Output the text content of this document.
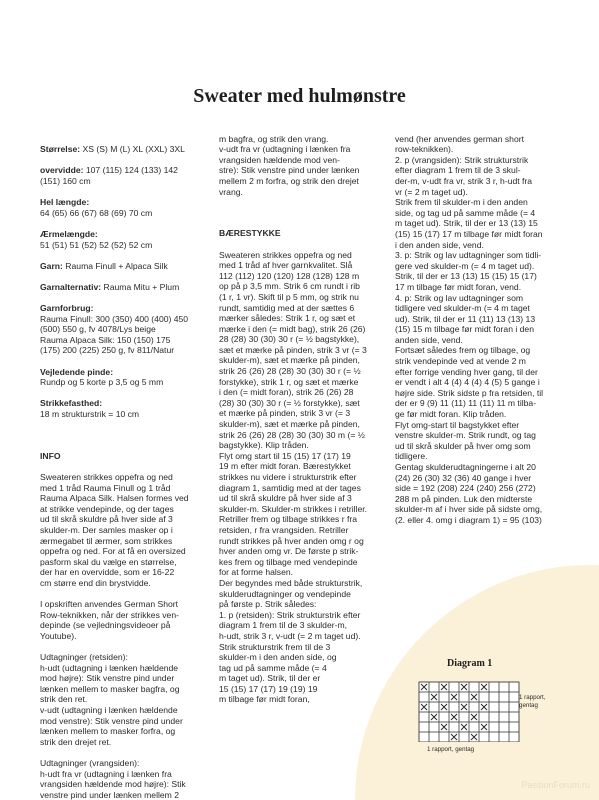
Sweater med hulmønstre

Størrelse: XS (S) M (L) XL (XXL) 3XL

overvidde: 107 (115) 124 (133) 142
(151) 160 cm

Hel længde:
64 (65) 66 (67) 68 (69) 70 cm

Ærmelængde:
51 (51) 51 (52) 52 (52) 52 cm

Garn: Rauma Finull + Alpaca Silk

Garnalternativ: Rauma Mitu + Plum

Garnforbrug:
Rauma Finull: 300 (350) 400 (400) 450
(500) 550 g, fv 4078/Lys beige
Rauma Alpaca Silk: 150 (150) 175
(175) 200 (225) 250 g, fv 811/Natur

Vejledende pinde:
Rundp og 5 korte p 3,5 og 5 mm

Strikkefasthed:
18 m strukturstrik = 10 cm

INFO

Sweateren strikkes oppefra og ned
med 1 tråd Rauma Finull og 1 tråd
Rauma Alpaca Silk. Halsen formes ved
at strikke vendepinde, og der tages
ud til skrå skuldre på hver side af 3
skulder-m. Der samles masker op i
ærmegabet til ærmer, som strikkes
oppefra og ned. For at få en oversized
pasform skal du vælge en størrelse,
der har en overvidde, som er 16-22
cm større end din brystvidde.

I opskriften anvendes German Short
Row-teknikken, når der strikkes ven-
depinde (se vejledningsvideoer på
Youtube).

Udtagninger (retsiden):
h-udt (udtagning i lænken hældende
mod højre): Stik venstre pind under
lænken mellem to masker bagfra, og
strik den ret.
v-udt (udtagning i lænken hældende
mod venstre): Stik venstre pind under
lænken mellem to masker forfra, og
strik den drejet ret.

Udtagninger (vrangsiden):
h-udt fra vr (udtagning i lænken fra
vrangsiden hældende mod højre): Stik
venstre pind under lænken mellem 2

m bagfra, og strik den vrang.
v-udt fra vr (udtagning i lænken fra
vrangsiden hældende mod ven-
stre): Stik venstre pind under lænken
mellem 2 m forfra, og strik den drejet
vrang.

BÆRESTYKKE

Sweateren strikkes oppefra og ned
med 1 tråd af hver garnkvalitet. Slå
112 (112) 120 (120) 128 (128) 128 m
op på p 3,5 mm. Strik 6 cm rundt i rib
(1 r, 1 vr). Skift til p 5 mm, og strik nu
rundt, samtidig med at der sættes 6
mærker således: Strik 1 r, og sæt et
mærke i den (= midt bag), strik 26 (26)
28 (28) 30 (30) 30 r (= ½ bagstykke),
sæt et mærke på pinden, strik 3 vr (= 3
skulder-m), sæt et mærke på pinden,
strik 26 (26) 28 (28) 30 (30) 30 r (= ½
forstykke), strik 1 r, og sæt et mærke
i den (= midt foran), strik 26 (26) 28
(28) 30 (30) 30 r (= ½ forstykke), sæt
et mærke på pinden, strik 3 vr (= 3
skulder-m), sæt et mærke på pinden,
strik 26 (26) 28 (28) 30 (30) 30 m (= ½
bagstykke). Klip tråden.
Flyt omg start til 15 (15) 17 (17) 19
19 m efter midt foran. Bærestykket
strikkes nu videre i strukturstrik efter
diagram 1, samtidig med at der tages
ud til skrå skuldre på hver side af 3
skulder-m. Skulder-m strikkes i retriller.
Retriller frem og tilbage strikkes r fra
retsiden, r fra vrangsiden. Retriller
rundt strikkes på hver anden omg r og
hver anden omg vr. De første p strik-
kes frem og tilbage med vendepinde
for at forme halsen.
Der begyndes med både strukturstrik,
skulderudtagninger og vendepinde
på første p. Strik således:
1. p (retsiden): Strik strukturstrik efter
diagram 1 frem til de 3 skulder-m,
h-udt, strik 3 r, v-udt (= 2 m taget ud).
Strik strukturstrik frem til de 3
skulder-m i den anden side, og
tag ud på samme måde (= 4
m taget ud). Strik, til der er
15 (15) 17 (17) 19 (19) 19
m tilbage før midt foran,

vend (her anvendes german short
row-teknikken).
2. p (vrangsiden): Strik strukturstrik
efter diagram 1 frem til de 3 skul-
der-m, v-udt fra vr, strik 3 r, h-udt fra
vr (= 2 m taget ud).
Strik frem til skulder-m i den anden
side, og tag ud på samme måde (= 4
m taget ud). Strik, til der er 13 (13) 15
(15) 15 (17) 17 m tilbage før midt foran
i den anden side, vend.
3. p: Strik og lav udtagninger som tidli-
gere ved skulder-m (= 4 m taget ud).
Strik, til der er 13 (13) 15 (15) 15 (17)
17 m tilbage før midt foran, vend.
4. p: Strik og lav udtagninger som
tidligere ved skulder-m (= 4 m taget
ud). Strik, til der er 11 (11) 13 (13) 13
(15) 15 m tilbage før midt foran i den
anden side, vend.
Fortsæt således frem og tilbage, og
strik vendepinde ved at vende 2 m
efter forrige vending hver gang, til der
er vendt i alt 4 (4) 4 (4) 4 (5) 5 gange i
højre side. Strik sidste p fra retsiden, til
der er 9 (9) 11 (11) 11 (11) 11 m tilba-
ge før midt foran. Klip tråden.
Flyt omg-start til bagstykket efter
venstre skulder-m. Strik rundt, og tag
ud til skrå skulder på hver omg som
tidligere.
Gentag skulderudtagningerne i alt 20
(24) 26 (30) 32 (36) 40 gange i hver
side = 192 (208) 224 (240) 256 (272)
288 m på pinden. Luk den midterste
skulder-m af i hver side på sidste omg,
(2. eller 4. omg i diagram 1) = 95 (103)

Diagram 1
1 rapport,
gentag
1 rapport, gentag
PassionForum.ru
